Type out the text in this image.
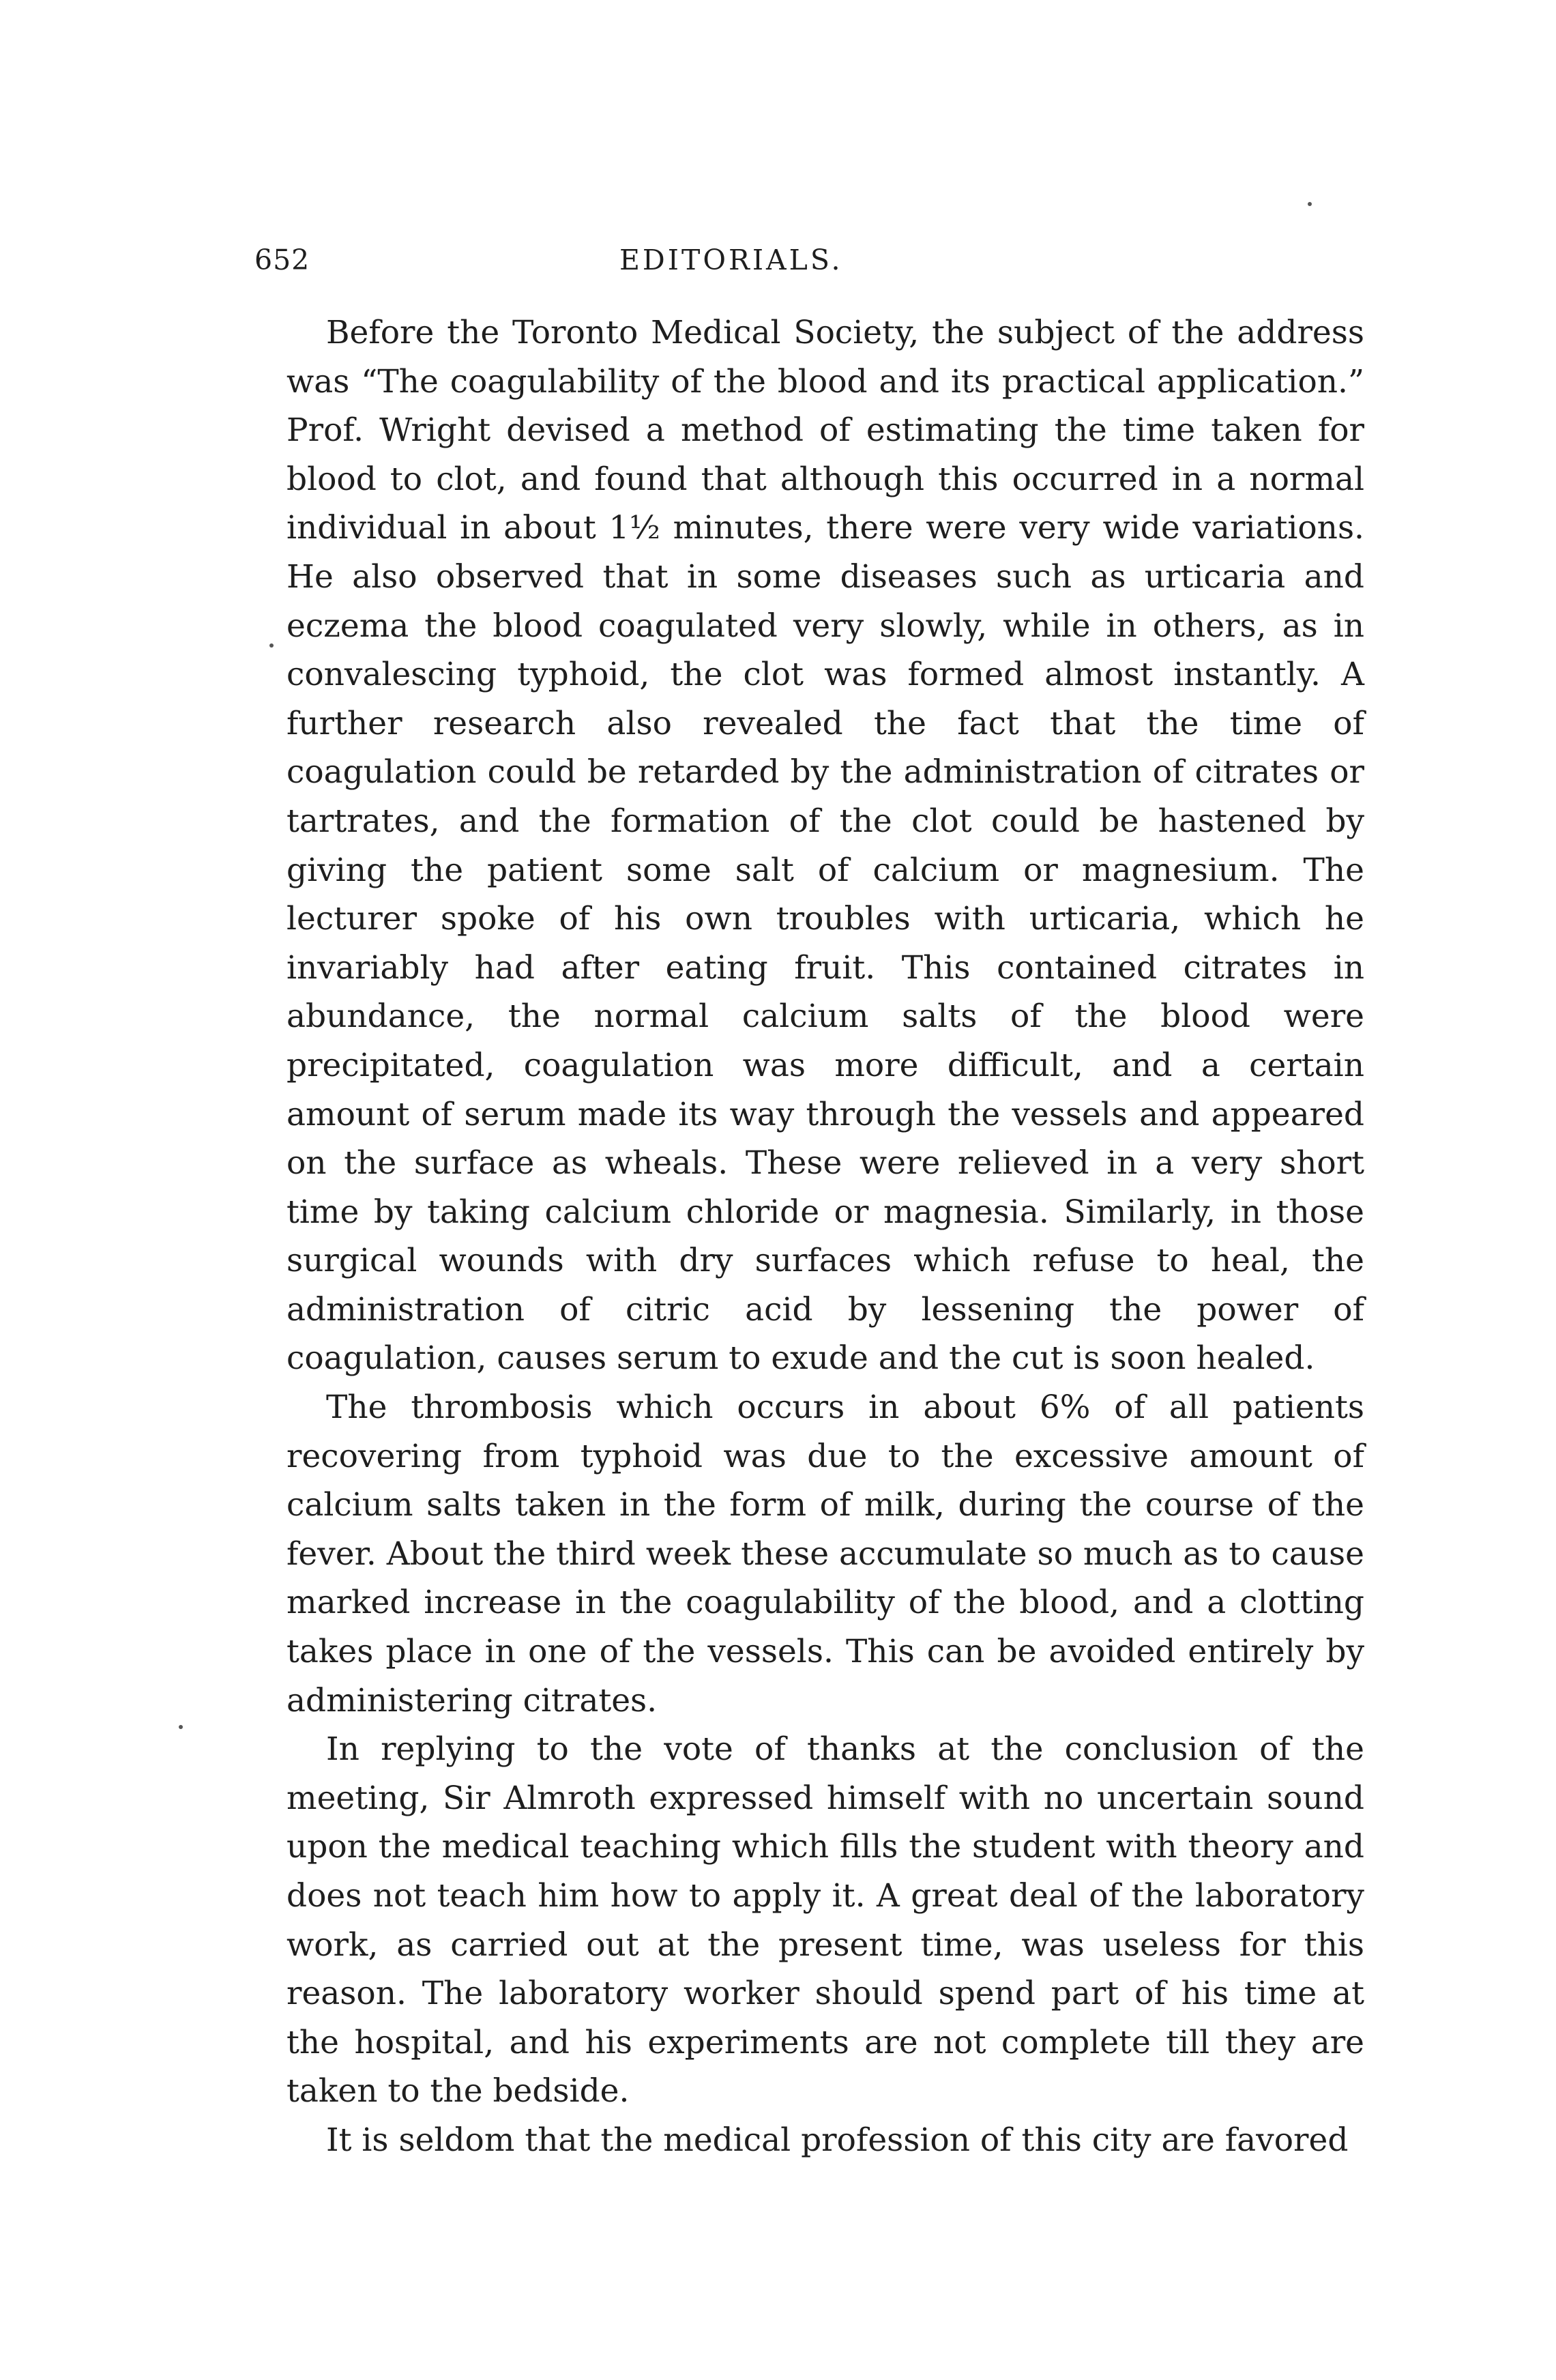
652	EDITORIALS.

Before the Toronto Medical Society, the subject of the address was “The coagulability of the blood and its practical application.” Prof. Wright devised a method of estimating the time taken for blood to clot, and found that although this occurred in a normal individual in about 1½ minutes, there were very wide variations. He also observed that in some diseases such as urticaria and eczema the blood coagulated very slowly, while in others, as in convalescing typhoid, the clot was formed almost instantly. A further research also revealed the fact that the time of coagulation could be retarded by the administration of citrates or tartrates, and the formation of the clot could be hastened by giving the patient some salt of calcium or magnesium. The lecturer spoke of his own troubles with urticaria, which he invariably had after eating fruit. This contained citrates in abundance, the normal calcium salts of the blood were precipitated, coagulation was more difficult, and a certain amount of serum made its way through the vessels and appeared on the surface as wheals. These were relieved in a very short time by taking calcium chloride or magnesia. Similarly, in those surgical wounds with dry surfaces which refuse to heal, the administration of citric acid by lessening the power of coagulation, causes serum to exude and the cut is soon healed.

The thrombosis which occurs in about 6% of all patients recovering from typhoid was due to the excessive amount of calcium salts taken in the form of milk, during the course of the fever. About the third week these accumulate so much as to cause marked increase in the coagulability of the blood, and a clotting takes place in one of the vessels. This can be avoided entirely by administering citrates.

In replying to the vote of thanks at the conclusion of the meeting, Sir Almroth expressed himself with no uncertain sound upon the medical teaching which fills the student with theory and does not teach him how to apply it. A great deal of the laboratory work, as carried out at the present time, was useless for this reason. The laboratory worker should spend part of his time at the hospital, and his experiments are not complete till they are taken to the bedside.

It is seldom that the medical profession of this city are favored
